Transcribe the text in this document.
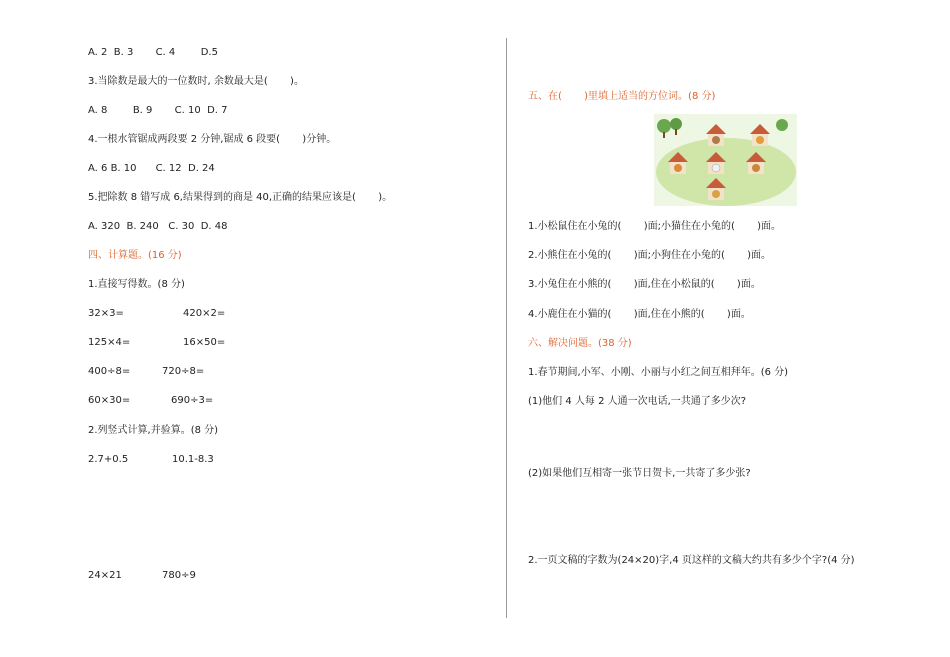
A. 2  B. 3       C. 4        D.5
3.当除数是最大的一位数时, 余数最大是(       )。
A. 8        B. 9       C. 10  D. 7
4.一根水管锯成两段要 2 分钟,锯成 6 段要(       )分钟。
A. 6 B. 10      C. 12  D. 24
5.把除数 8 错写成 6,结果得到的商是 40,正确的结果应该是(       )。
A. 320  B. 240   C. 30  D. 48
四、计算题。(16 分)
1.直接写得数。(8 分)
32×3=	420×2=
125×4=	16×50=
400÷8=	720÷8=
60×30=	690÷3=
2.列竖式计算,并验算。(8 分)
2.7+0.5	10.1-8.3
24×21	780÷9
五、在(       )里填上适当的方位词。(8 分)
1.小松鼠住在小兔的(       )面;小猫住在小兔的(       )面。
2.小熊住在小兔的(       )面;小狗住在小兔的(       )面。
3.小兔住在小熊的(       )面,住在小松鼠的(       )面。
4.小鹿住在小猫的(       )面,住在小熊的(       )面。
六、解决问题。(38 分)
1.春节期间,小军、小刚、小丽与小红之间互相拜年。(6 分)
(1)他们 4 人每 2 人通一次电话,一共通了多少次?
(2)如果他们互相寄一张节日贺卡,一共寄了多少张?
2.一页文稿的字数为(24×20)字,4 页这样的文稿大约共有多少个字?(4 分)
